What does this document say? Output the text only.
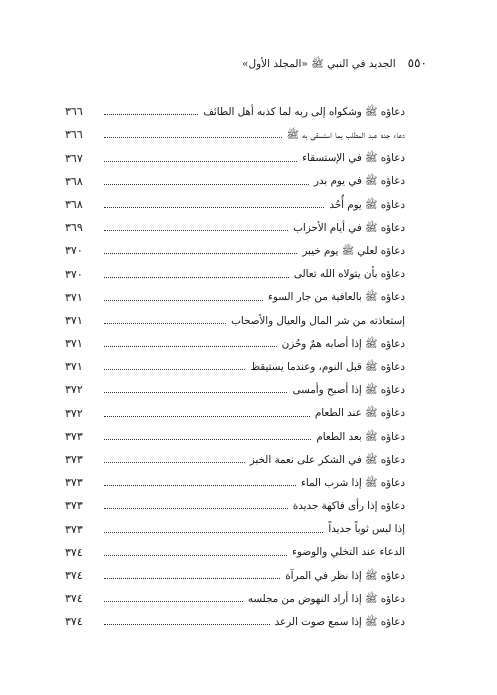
٥٥٠
الجديد في النبي ﷺ «المجلد الأول»
دعاؤه ﷺ وشكواه إلى ربه لما كذبه أهل الطائف
٣٦٦
دعاء جده عبد المطلب بما استسقى به ﷺ
٣٦٦
دعاؤه ﷺ في الإستسقاء
٣٦٧
دعاؤه ﷺ في يوم بدر
٣٦٨
دعاؤه ﷺ يوم أُحُد
٣٦٨
دعاؤه ﷺ في أيام الأحزاب
٣٦٩
دعاؤه لعلي ﷺ يوم خيبر
٣٧٠
دعاؤه بأن يتولاه الله تعالى
٣٧٠
دعاؤه ﷺ بالعافية من جار السوء
٣٧١
إستعاذته من شر المال والعيال والأصحاب
٣٧١
دعاؤه ﷺ إذا أصابه همٌ وحُزن
٣٧١
دعاؤه ﷺ قبل النوم، وعندما يستيقظ
٣٧١
دعاؤه ﷺ إذا أصبح وأمسى
٣٧٢
دعاؤه ﷺ عند الطعام
٣٧٢
دعاؤه ﷺ بعد الطعام
٣٧٣
دعاؤه ﷺ في الشكر على نعمة الخبز
٣٧٣
دعاؤه ﷺ إذا شرب الماء
٣٧٣
دعاؤه إذا رأى فاكهة جديدة
٣٧٣
إذا لبس ثوباً جديداً
٣٧٣
الدعاء عند التخلي والوضوء
٣٧٤
دعاؤه ﷺ إذا نظر في المرآة
٣٧٤
دعاؤه ﷺ إذا أراد النهوض من مجلسه
٣٧٤
دعاؤه ﷺ إذا سمع صوت الرعد
٣٧٤
